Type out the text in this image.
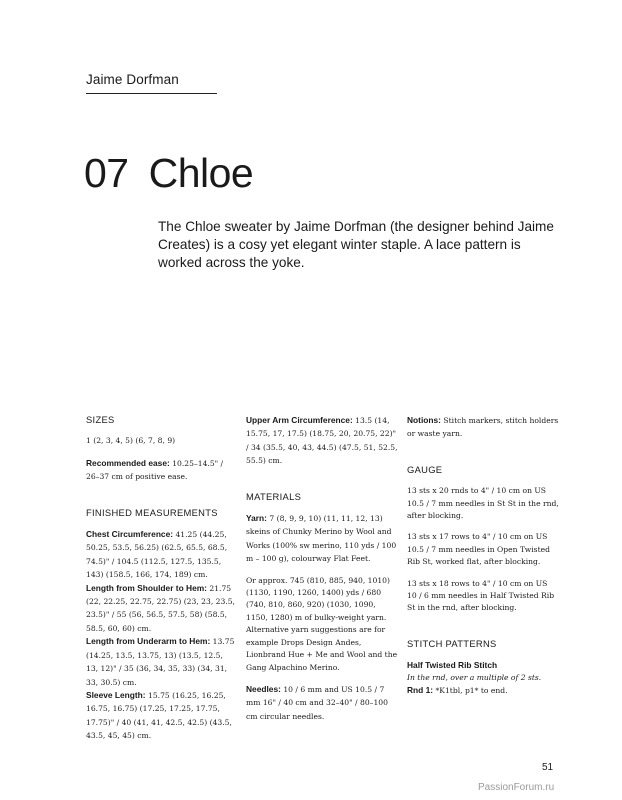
Jaime Dorfman
07 Chloe
The Chloe sweater by Jaime Dorfman (the designer behind Jaime Creates) is a cosy yet elegant winter staple. A lace pattern is worked across the yoke.
SIZES

1 (2, 3, 4, 5) (6, 7, 8, 9)

Recommended ease: 10.25–14.5" / 26–37 cm of positive ease.

FINISHED MEASUREMENTS

Chest Circumference: 41.25 (44.25, 50.25, 53.5, 56.25) (62.5, 65.5, 68.5, 74.5)" / 104.5 (112.5, 127.5, 135.5, 143) (158.5, 166, 174, 189) cm.

Length from Shoulder to Hem: 21.75 (22, 22.25, 22.75, 22.75) (23, 23, 23.5, 23.5)" / 55 (56, 56.5, 57.5, 58) (58.5, 58.5, 60, 60) cm.

Length from Underarm to Hem: 13.75 (14.25, 13.5, 13.75, 13) (13.5, 12.5, 13, 12)" / 35 (36, 34, 35, 33) (34, 31, 33, 30.5) cm.

Sleeve Length: 15.75 (16.25, 16.25, 16.75, 16.75) (17.25, 17.25, 17.75, 17.75)" / 40 (41, 41, 42.5, 42.5) (43.5, 43.5, 45, 45) cm.

Upper Arm Circumference: 13.5 (14, 15.75, 17, 17.5) (18.75, 20, 20.75, 22)" / 34 (35.5, 40, 43, 44.5) (47.5, 51, 52.5, 55.5) cm.

MATERIALS

Yarn: 7 (8, 9, 9, 10) (11, 11, 12, 13) skeins of Chunky Merino by Wool and Works (100% sw merino, 110 yds / 100 m – 100 g), colourway Flat Feet.

Or approx. 745 (810, 885, 940, 1010) (1130, 1190, 1260, 1400) yds / 680 (740, 810, 860, 920) (1030, 1090, 1150, 1280) m of bulky-weight yarn. Alternative yarn suggestions are for example Drops Design Andes, Lionbrand Hue + Me and Wool and the Gang Alpachino Merino.

Needles: 10 / 6 mm and US 10.5 / 7 mm 16" / 40 cm and 32–40" / 80–100 cm circular needles.

Notions: Stitch markers, stitch holders or waste yarn.

GAUGE

13 sts x 20 rnds to 4" / 10 cm on US 10.5 / 7 mm needles in St St in the rnd, after blocking.

13 sts x 17 rows to 4" / 10 cm on US 10.5 / 7 mm needles in Open Twisted Rib St, worked flat, after blocking.

13 sts x 18 rows to 4" / 10 cm on US 10 / 6 mm needles in Half Twisted Rib St in the rnd, after blocking.

STITCH PATTERNS

Half Twisted Rib Stitch

In the rnd, over a multiple of 2 sts.

Rnd 1: *K1tbl, p1* to end.

51
PassionForum.ru
